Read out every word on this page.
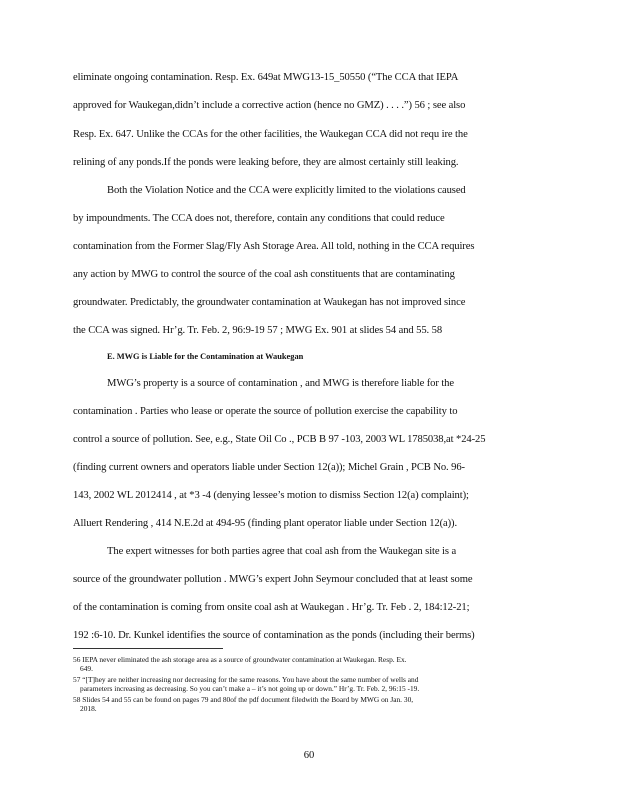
eliminate ongoing contamination. Resp. Ex. 649at MWG13-15_50550 (“The CCA that IEPA
approved for Waukegan,didn’t include a corrective action (hence no GMZ) . . . .”) 56 ; see also
Resp. Ex. 647. Unlike the CCAs for the other facilities, the Waukegan CCA did not requ ire the
relining of any ponds.If the ponds were leaking before, they are almost certainly still leaking.
Both the Violation Notice and the CCA were explicitly limited to the violations caused
by impoundments. The CCA does not, therefore, contain any conditions that could reduce
contamination from the Former Slag/Fly Ash Storage Area. All told, nothing in the CCA requires
any action by MWG to control the source of the coal ash constituents that are contaminating
groundwater. Predictably, the groundwater contamination at Waukegan has not improved since
the CCA was signed. Hr’g. Tr. Feb. 2, 96:9-19 57 ; MWG Ex. 901 at slides 54 and 55. 58
E. MWG is Liable for the Contamination at Waukegan
MWG’s property is a source of contamination , and MWG is therefore liable for the
contamination . Parties who lease or operate the source of pollution exercise the capability to
control a source of pollution. See, e.g., State Oil Co ., PCB B 97 -103, 2003 WL 1785038,at *24-25
(finding current owners and operators liable under Section 12(a)); Michel Grain , PCB No. 96-
143, 2002 WL 2012414 , at *3 -4 (denying lessee’s motion to dismiss Section 12(a) complaint);
Alluert Rendering , 414 N.E.2d at 494-95 (finding plant operator liable under Section 12(a)).
The expert witnesses for both parties agree that coal ash from the Waukegan site is a
source of the groundwater pollution . MWG’s expert John Seymour concluded that at least some
of the contamination is coming from onsite coal ash at Waukegan . Hr’g. Tr. Feb . 2, 184:12-21;
192 :6-10. Dr. Kunkel identifies the source of contamination as the ponds (including their berms)
56 IEPA never eliminated the ash storage area as a source of groundwater contamination at Waukegan. Resp. Ex.
649.
57 “[T]hey are neither increasing nor decreasing for the same reasons. You have about the same number of wells and
parameters increasing as decreasing. So you can’t make a – it’s not going up or down.” Hr’g. Tr. Feb. 2, 96:15 -19.
58 Slides 54 and 55 can be found on pages 79 and 80of the pdf document filedwith the Board by MWG on Jan. 30,
2018.
60
